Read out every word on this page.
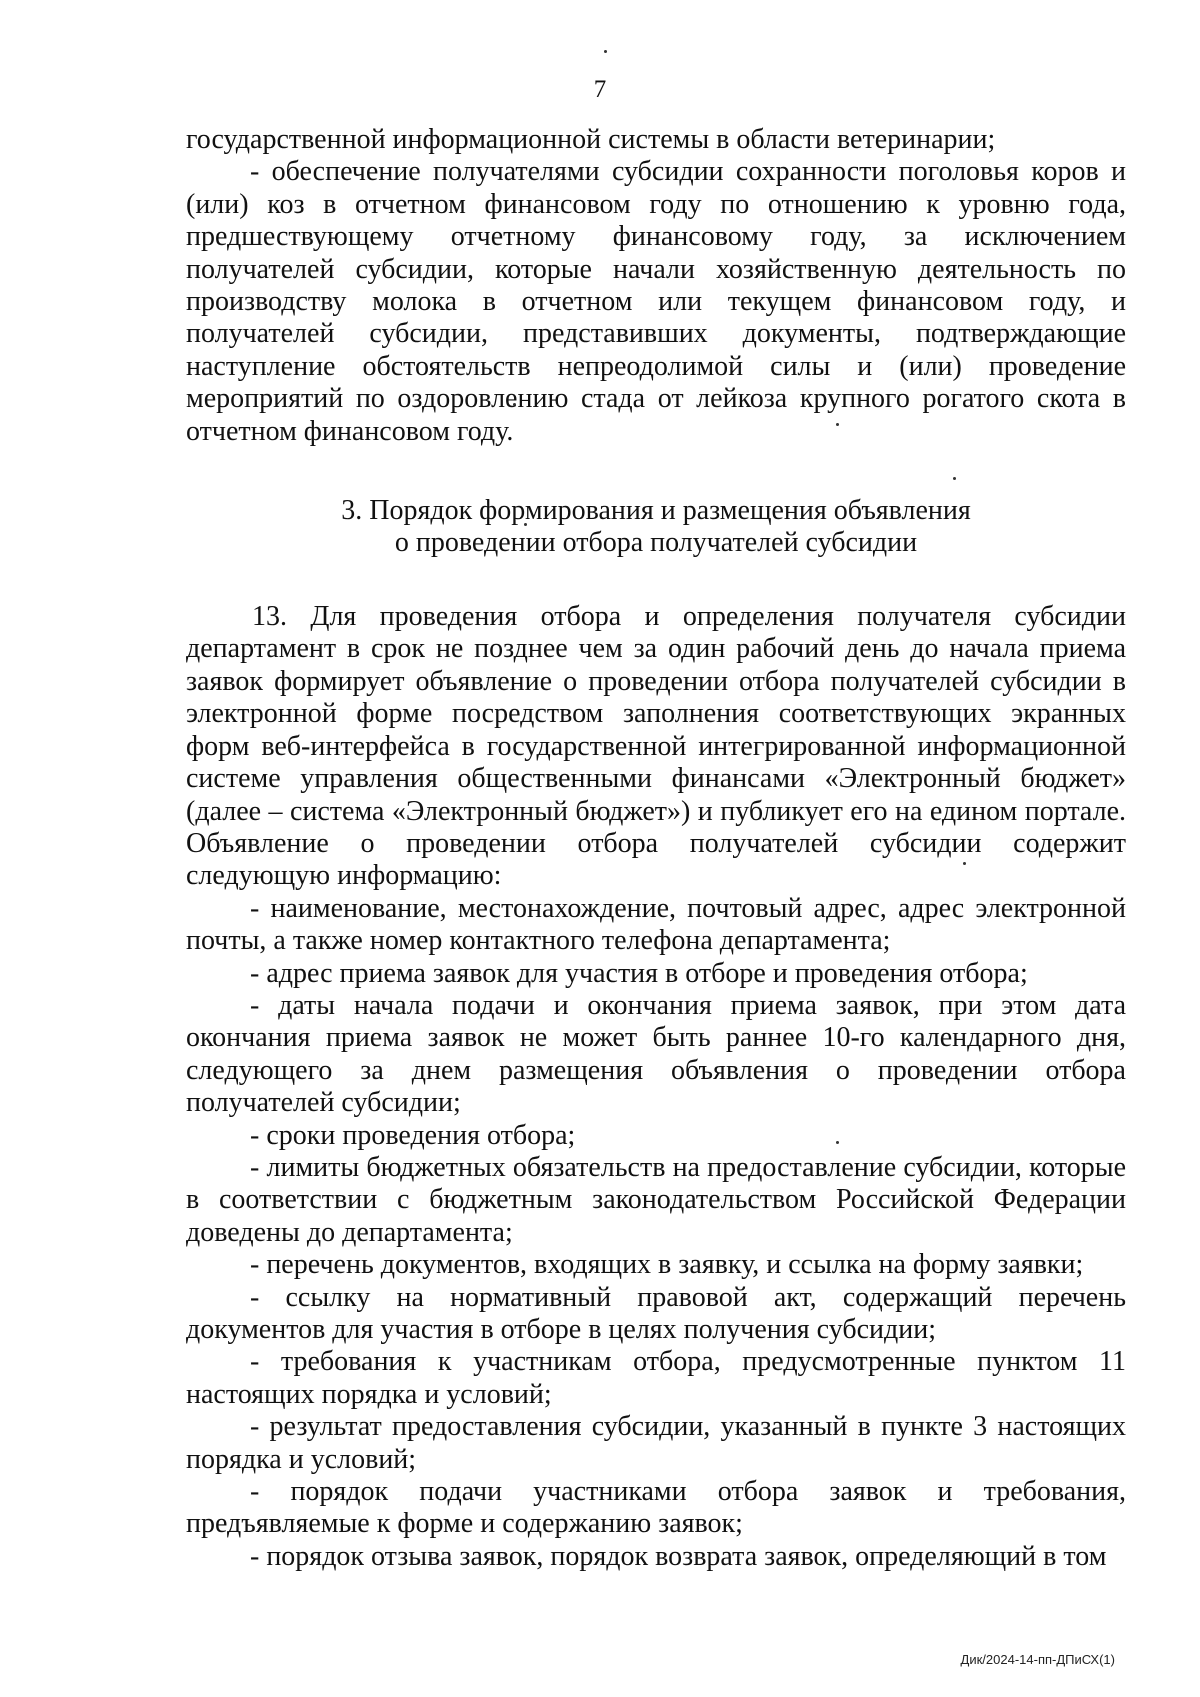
7

государственной информационной системы в области ветеринарии;

- обеспечение получателями субсидии сохранности поголовья коров и (или) коз в отчетном финансовом году по отношению к уровню года, предшествующему отчетному финансовому году, за исключением получателей субсидии, которые начали хозяйственную деятельность по производству молока в отчетном или текущем финансовом году, и получателей субсидии, представивших документы, подтверждающие наступление обстоятельств непреодолимой силы и (или) проведение мероприятий по оздоровлению стада от лейкоза крупного рогатого скота в отчетном финансовом году.

3. Порядок формирования и размещения объявления
о проведении отбора получателей субсидии

13. Для проведения отбора и определения получателя субсидии департамент в срок не позднее чем за один рабочий день до начала приема заявок формирует объявление о проведении отбора получателей субсидии в электронной форме посредством заполнения соответствующих экранных форм веб-интерфейса в государственной интегрированной информационной системе управления общественными финансами «Электронный бюджет» (далее – система «Электронный бюджет») и публикует его на едином портале. Объявление о проведении отбора получателей субсидии содержит следующую информацию:

- наименование, местонахождение, почтовый адрес, адрес электронной почты, а также номер контактного телефона департамента;

- адрес приема заявок для участия в отборе и проведения отбора;

- даты начала подачи и окончания приема заявок, при этом дата окончания приема заявок не может быть раннее 10-го календарного дня, следующего за днем размещения объявления о проведении отбора получателей субсидии;

- сроки проведения отбора;

- лимиты бюджетных обязательств на предоставление субсидии, которые в соответствии с бюджетным законодательством Российской Федерации доведены до департамента;

- перечень документов, входящих в заявку, и ссылка на форму заявки;

- ссылку на нормативный правовой акт, содержащий перечень документов для участия в отборе в целях получения субсидии;

- требования к участникам отбора, предусмотренные пунктом 11 настоящих порядка и условий;

- результат предоставления субсидии, указанный в пункте 3 настоящих порядка и условий;

- порядок подачи участниками отбора заявок и требования, предъявляемые к форме и содержанию заявок;

- порядок отзыва заявок, порядок возврата заявок, определяющий в том

Дик/2024-14-пп-ДПиСХ(1)
